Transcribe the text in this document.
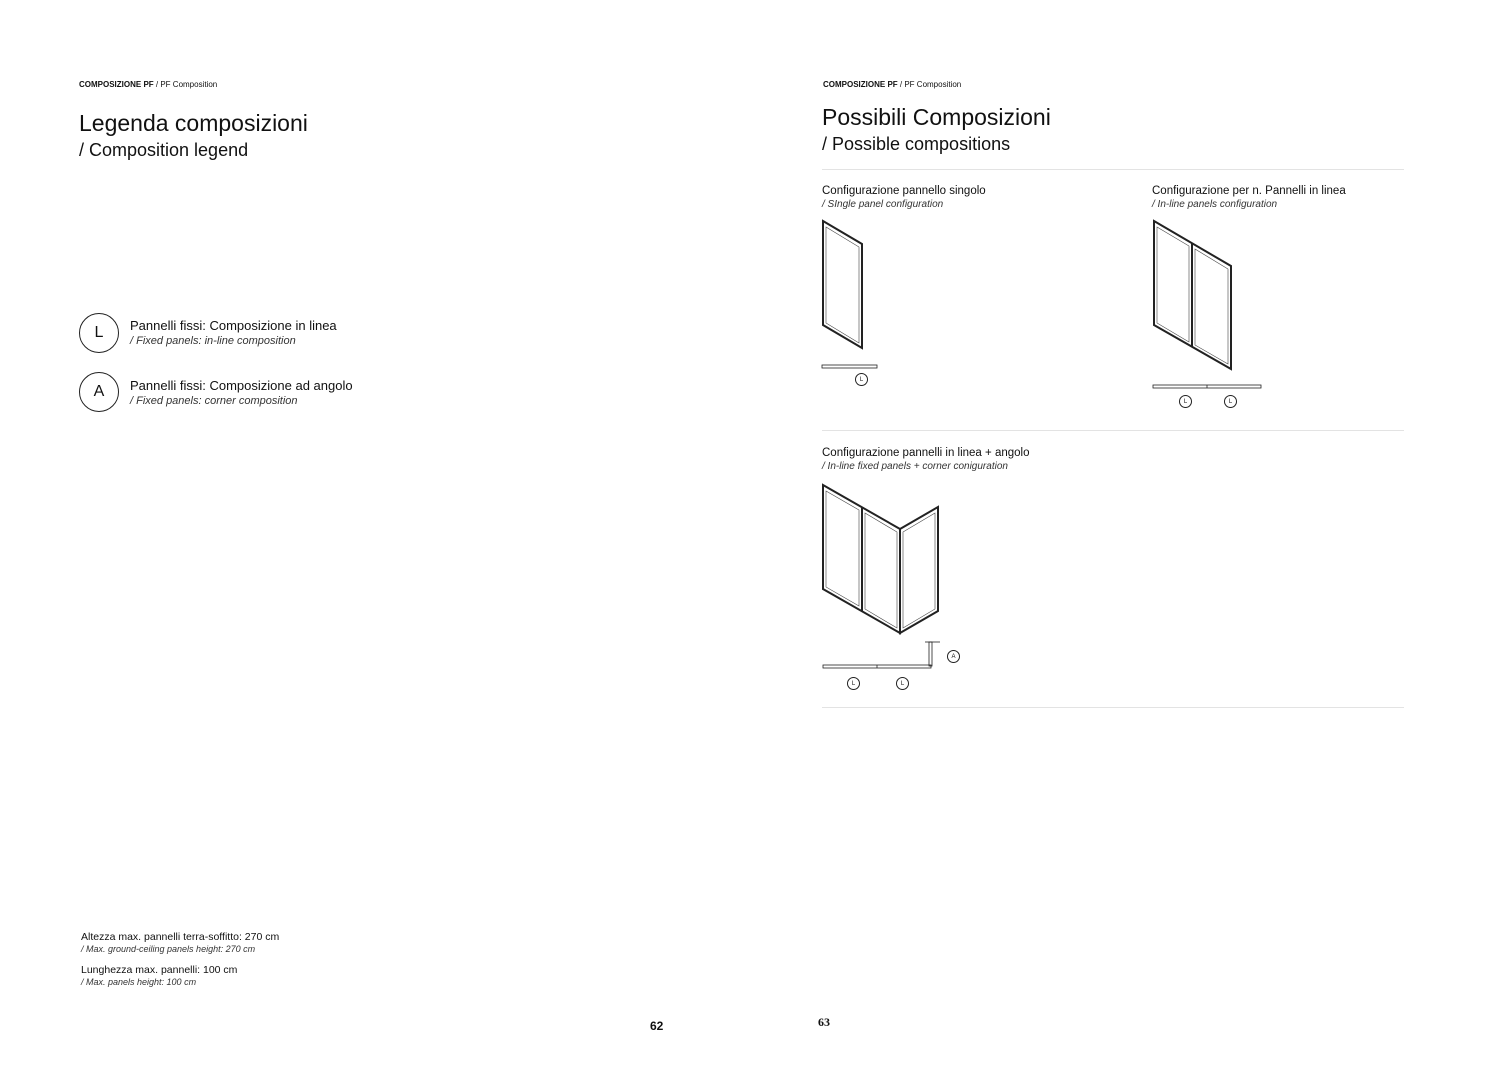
COMPOSIZIONE PF / PF Composition
Legenda composizioni
/ Composition legend
L	Pannelli fissi: Composizione in linea
/ Fixed panels: in-line composition
A	Pannelli fissi: Composizione ad angolo
/ Fixed panels: corner composition
Altezza max. pannelli terra-soffitto: 270 cm
/ Max. ground-ceiling panels height: 270 cm
Lunghezza max. pannelli: 100 cm
/ Max. panels height: 100 cm
62
COMPOSIZIONE PF / PF Composition
Possibili Composizioni
/ Possible compositions
Configurazione pannello singolo
/ SIngle panel configuration
L
Configurazione per n. Pannelli in linea
/ In-line panels configuration
L	L
Configurazione pannelli in linea + angolo
/ In-line fixed panels + corner coniguration
A
L	L
63
